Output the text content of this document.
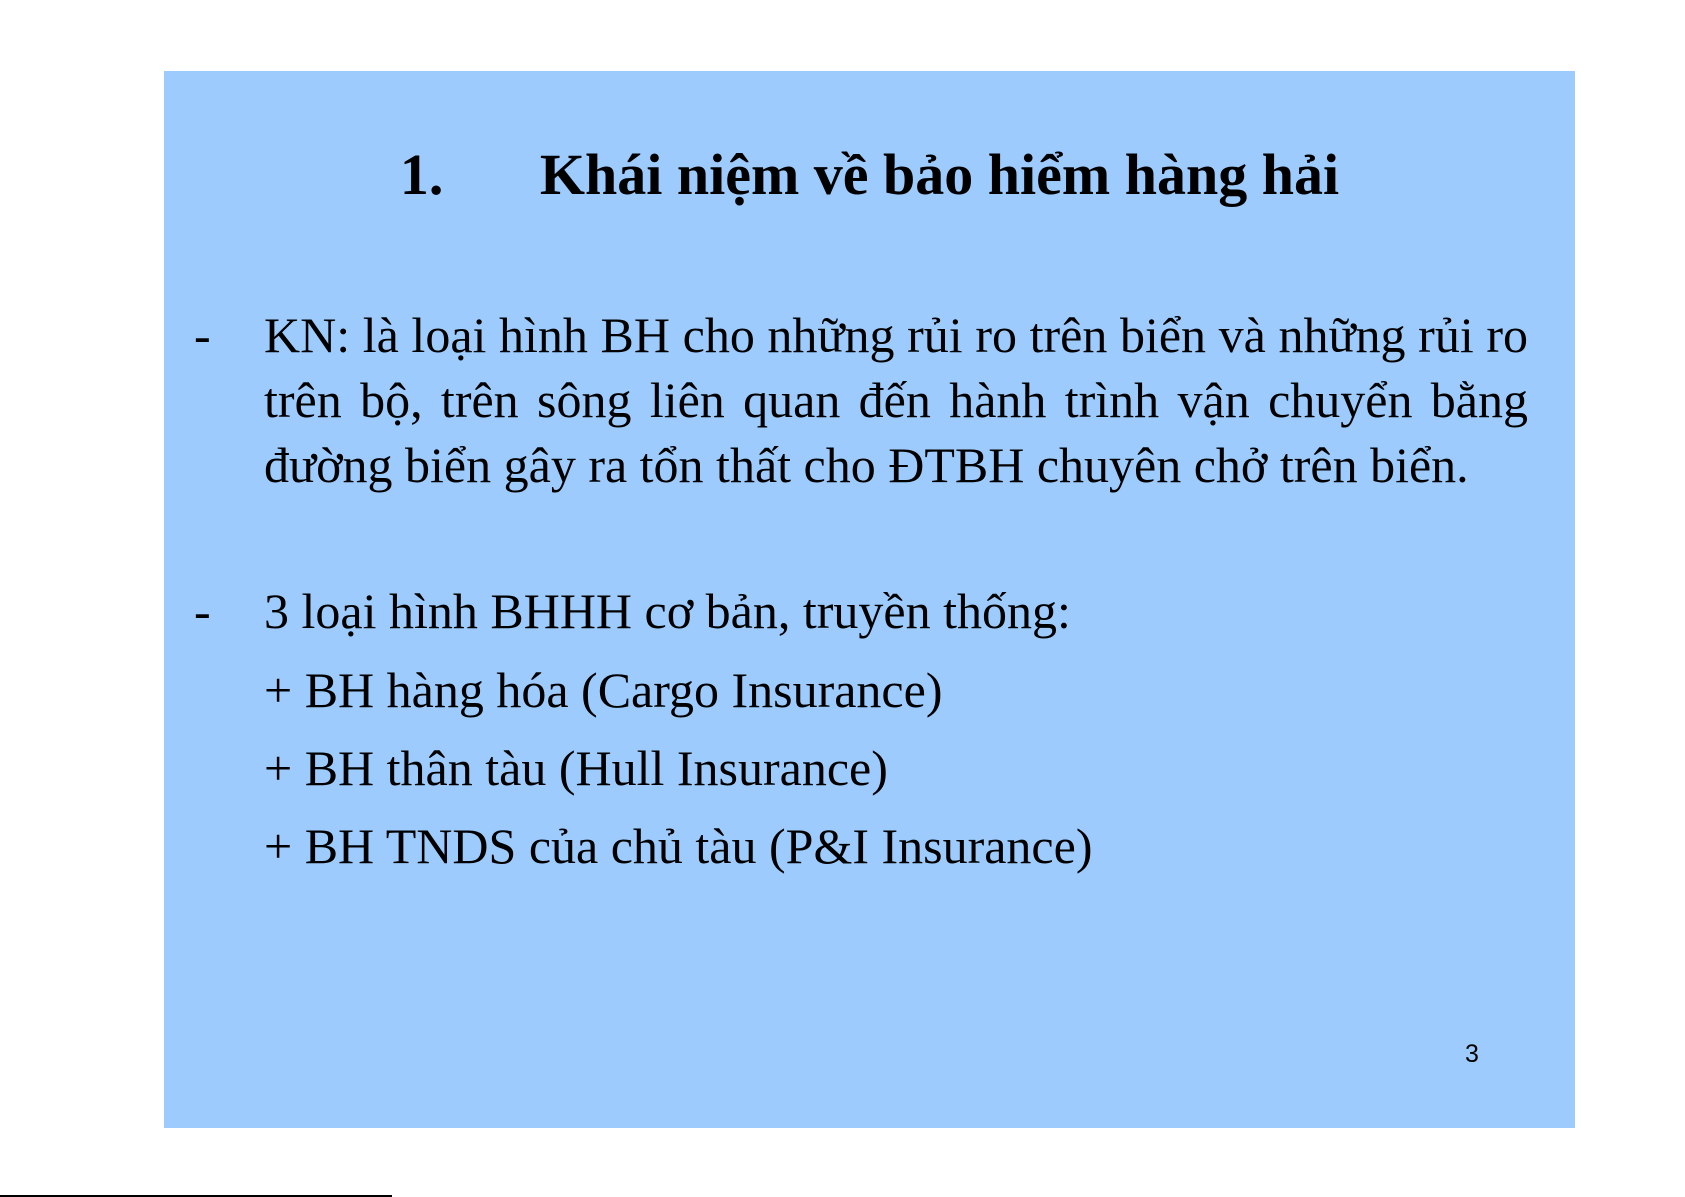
1. Khái niệm về bảo hiểm hàng hải
- KN: là loại hình BH cho những rủi ro trên biển và những rủi ro trên bộ, trên sông liên quan đến hành trình vận chuyển bằng đường biển gây ra tổn thất cho ĐTBH chuyên chở trên biển.
- 3 loại hình BHHH cơ bản, truyền thống:
+ BH hàng hóa (Cargo Insurance)
+ BH thân tàu (Hull Insurance)
+ BH TNDS của chủ tàu (P&I Insurance)
3
